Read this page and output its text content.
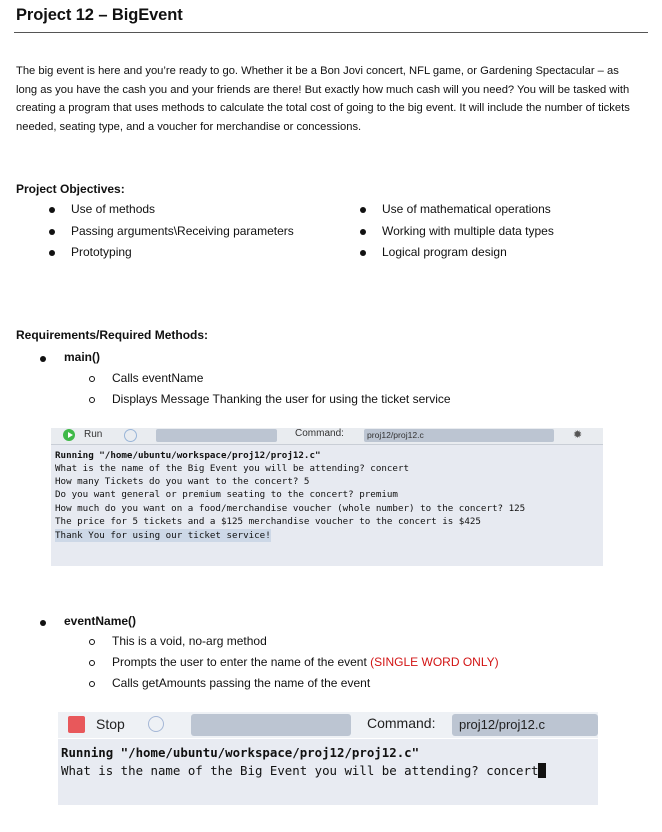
Project 12 – BigEvent

The big event is here and you’re ready to go. Whether it be a Bon Jovi concert, NFL game, or Gardening Spectacular – as long as you have the cash you and your friends are there! But exactly how much cash will you need? You will be tasked with creating a program that uses methods to calculate the total cost of going to the big event. It will include the number of tickets needed, seating type, and a voucher for merchandise or concessions.

Project Objectives:

Use of methods
Passing arguments\Receiving parameters
Prototyping
Use of mathematical operations
Working with multiple data types
Logical program design

Requirements/Required Methods:

main()
Calls eventName
Displays Message Thanking the user for using the ticket service
Run	Command:	proj12/proj12.c	✹
Running "/home/ubuntu/workspace/proj12/proj12.c"
What is the name of the Big Event you will be attending? concert
How many Tickets do you want to the concert? 5
Do you want general or premium seating to the concert? premium
How much do you want on a food/merchandise voucher (whole number) to the concert? 125
The price for 5 tickets and a $125 merchandise voucher to the concert is $425
Thank You for using our ticket service!
eventName()
This is a void, no-arg method
Prompts the user to enter the name of the event (SINGLE WORD ONLY)
Calls getAmounts passing the name of the event
Stop	Command:	proj12/proj12.c
Running "/home/ubuntu/workspace/proj12/proj12.c"
What is the name of the Big Event you will be attending? concert
